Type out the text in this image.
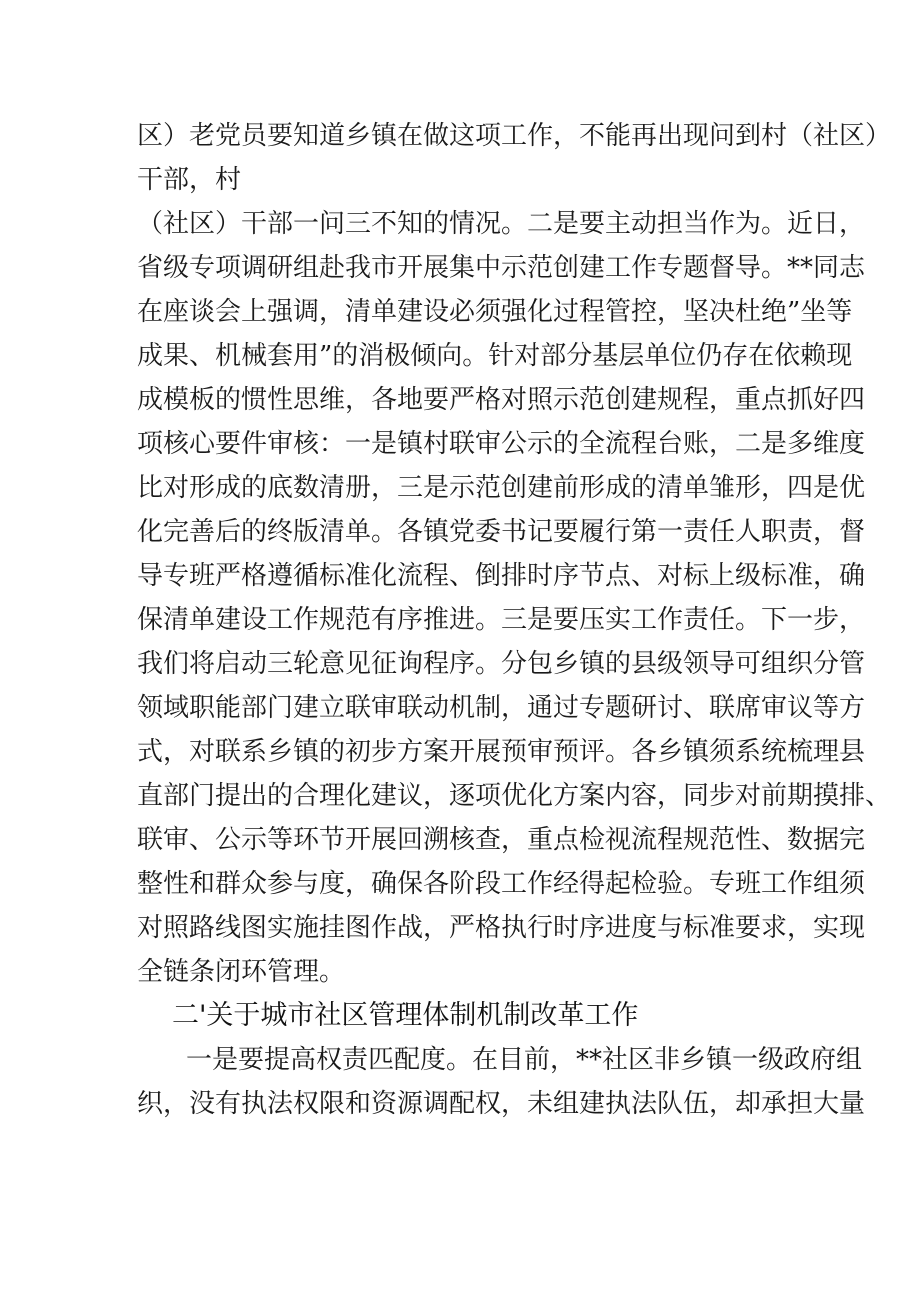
区）老党员要知道乡镇在做这项工作，不能再出现问到村（社区）
干部，村
（社区）干部一问三不知的情况。二是要主动担当作为。近日，
省级专项调研组赴我市开展集中示范创建工作专题督导。**同志
在座谈会上强调，清单建设必须强化过程管控，坚决杜绝”坐等
成果、机械套用”的消极倾向。针对部分基层单位仍存在依赖现
成模板的惯性思维，各地要严格对照示范创建规程，重点抓好四
项核心要件审核：一是镇村联审公示的全流程台账，二是多维度
比对形成的底数清册，三是示范创建前形成的清单雏形，四是优
化完善后的终版清单。各镇党委书记要履行第一责任人职责，督
导专班严格遵循标准化流程、倒排时序节点、对标上级标准，确
保清单建设工作规范有序推进。三是要压实工作责任。下一步，
我们将启动三轮意见征询程序。分包乡镇的县级领导可组织分管
领域职能部门建立联审联动机制，通过专题研讨、联席审议等方
式，对联系乡镇的初步方案开展预审预评。各乡镇须系统梳理县
直部门提出的合理化建议，逐项优化方案内容，同步对前期摸排、
联审、公示等环节开展回溯核查，重点检视流程规范性、数据完
整性和群众参与度，确保各阶段工作经得起检验。专班工作组须
对照路线图实施挂图作战，严格执行时序进度与标准要求，实现
全链条闭环管理。
二'关于城市社区管理体制机制改革工作
一是要提高权责匹配度。在目前，**社区非乡镇一级政府组
织，没有执法权限和资源调配权，未组建执法队伍，却承担大量
